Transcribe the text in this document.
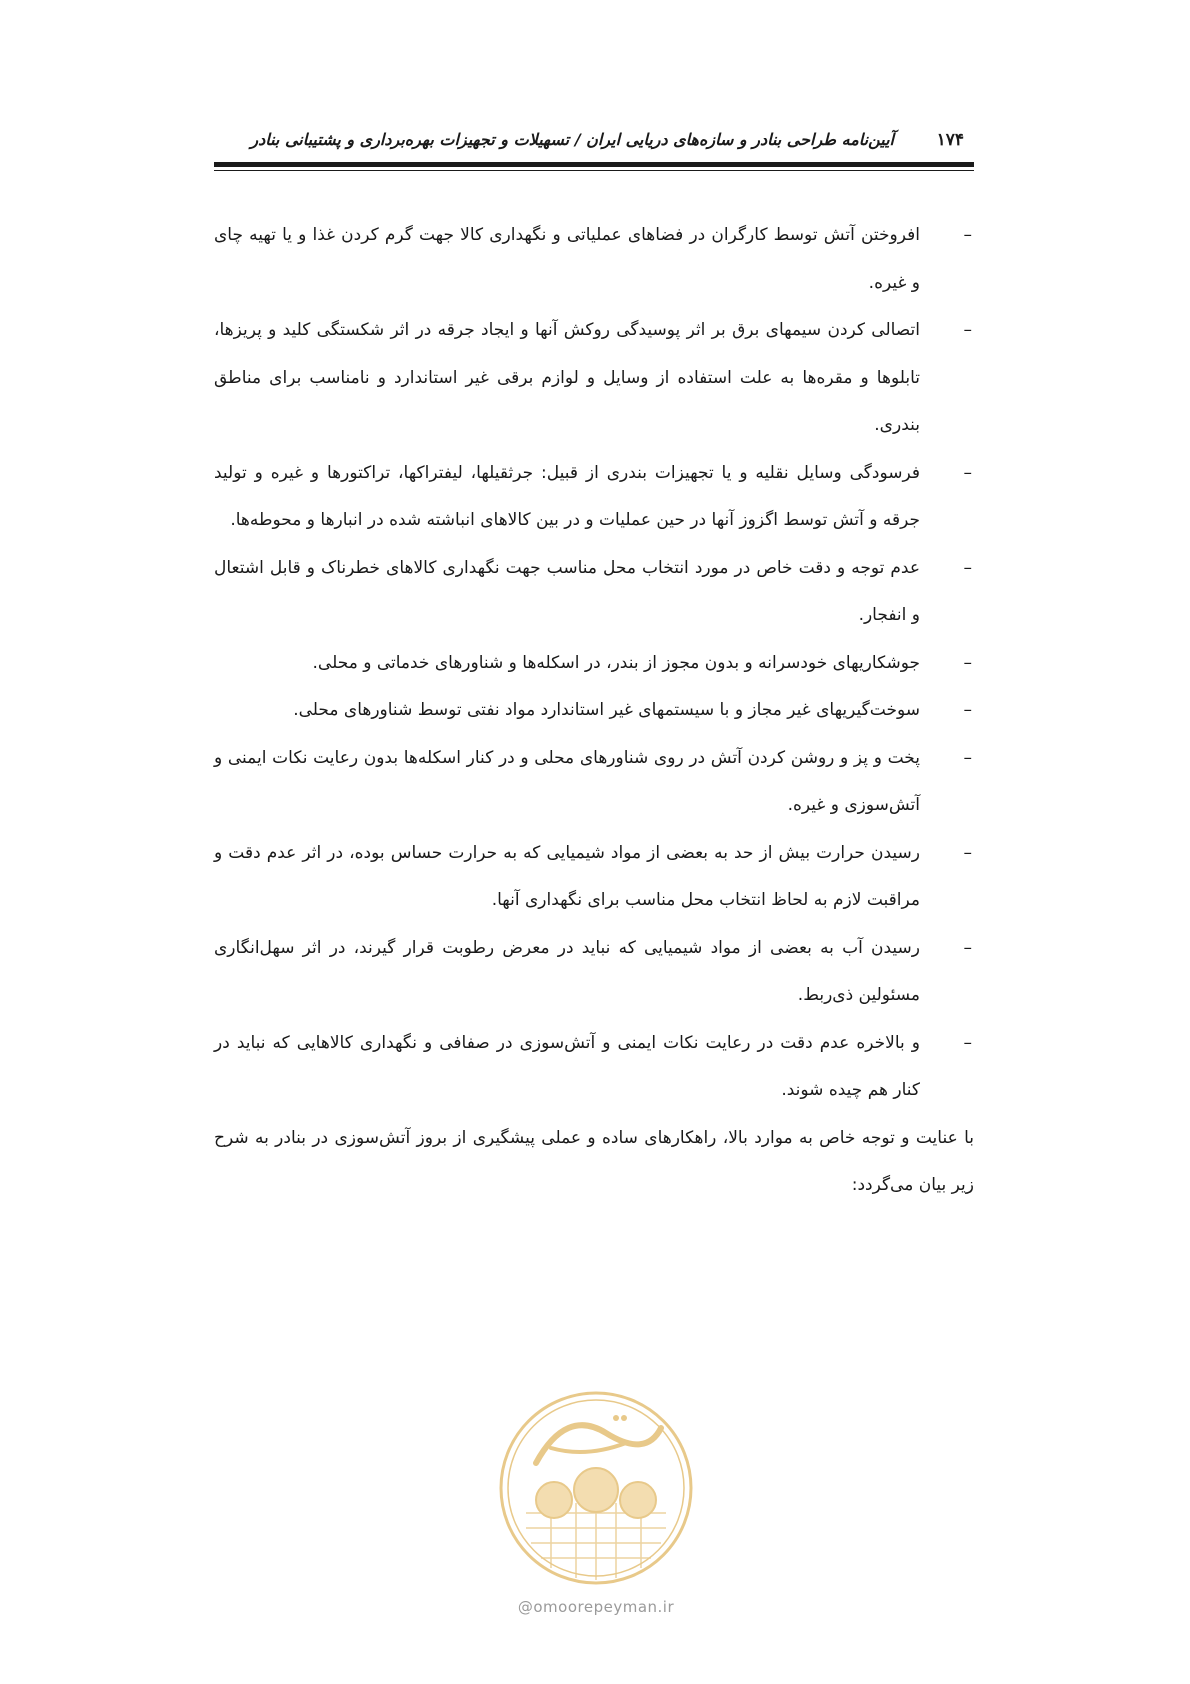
۱۷۴
آیین‌نامه طراحی بنادر و سازه‌های دریایی ایران / تسهیلات و تجهیزات بهره‌برداری و پشتیبانی بنادر
–
افروختن آتش توسط کارگران در فضاهای عملیاتی و نگهداری کالا جهت گرم کردن غذا و یا تهیه چای و غیره.
–
اتصالی کردن سیمهای برق بر اثر پوسیدگی روکش آنها و ایجاد جرقه در اثر شکستگی کلید و پریزها، تابلوها و مقره‌ها به علت استفاده از وسایل و لوازم برقی غیر استاندارد و نامناسب برای مناطق بندری.
–
فرسودگی وسایل نقلیه و یا تجهیزات بندری از قبیل: جرثقیلها، لیفتراکها، تراکتورها و غیره و تولید جرقه و آتش توسط اگزوز آنها در حین عملیات و در بین کالاهای انباشته شده در انبارها و محوطه‌ها.
–
عدم توجه و دقت خاص در مورد انتخاب محل مناسب جهت نگهداری کالاهای خطرناک و قابل اشتعال و انفجار.
–
جوشکاریهای خودسرانه و بدون مجوز از بندر، در اسکله‌ها و شناورهای خدماتی و محلی.
–
سوخت‌گیریهای غیر مجاز و با سیستمهای غیر استاندارد مواد نفتی توسط شناورهای محلی.
–
پخت و پز و روشن کردن آتش در روی شناورهای محلی و در کنار اسکله‌ها بدون رعایت نکات ایمنی و آتش‌سوزی و غیره.
–
رسیدن حرارت بیش از حد به بعضی از مواد شیمیایی که به حرارت حساس بوده، در اثر عدم دقت و مراقبت لازم به لحاظ انتخاب محل مناسب برای نگهداری آنها.
–
رسیدن آب به بعضی از مواد شیمیایی که نباید در معرض رطوبت قرار گیرند، در اثر سهل‌انگاری مسئولین ذی‌ربط.
–
و بالاخره عدم دقت در رعایت نکات ایمنی و آتش‌سوزی در صفافی و نگهداری کالاهایی که نباید در کنار هم چیده شوند.

با عنایت و توجه خاص به موارد بالا، راهکارهای ساده و عملی پیشگیری از بروز آتش‌سوزی در بنادر به شرح زیر بیان می‌گردد:

@omoorepeyman.ir
